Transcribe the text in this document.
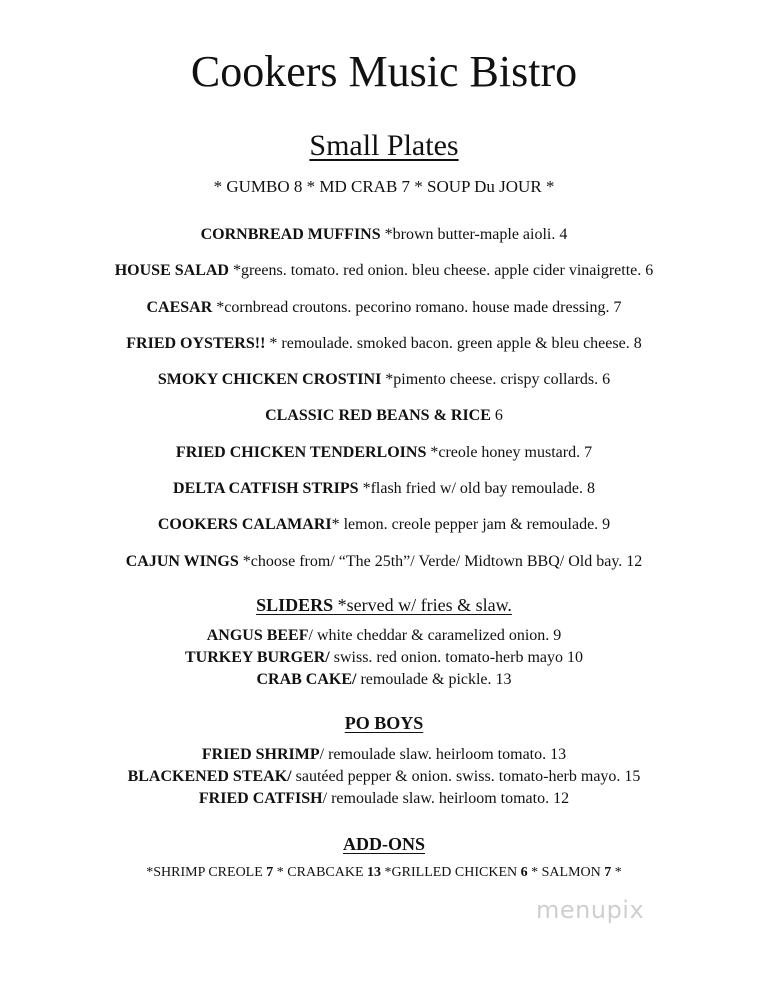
Cookers Music Bistro
Small Plates
* GUMBO 8 * MD CRAB 7 * SOUP Du JOUR *
CORNBREAD MUFFINS *brown butter-maple aioli. 4
HOUSE SALAD *greens. tomato. red onion. bleu cheese. apple cider vinaigrette. 6
CAESAR *cornbread croutons. pecorino romano. house made dressing. 7
FRIED OYSTERS!! * remoulade. smoked bacon. green apple & bleu cheese. 8
SMOKY CHICKEN CROSTINI *pimento cheese. crispy collards. 6
CLASSIC RED BEANS & RICE 6
FRIED CHICKEN TENDERLOINS *creole honey mustard. 7
DELTA CATFISH STRIPS *flash fried w/ old bay remoulade. 8
COOKERS CALAMARI* lemon. creole pepper jam & remoulade. 9
CAJUN WINGS *choose from/ “The 25th”/ Verde/ Midtown BBQ/ Old bay. 12
SLIDERS *served w/ fries & slaw.
ANGUS BEEF/ white cheddar & caramelized onion. 9
TURKEY BURGER/ swiss. red onion. tomato-herb mayo 10
CRAB CAKE/ remoulade & pickle. 13
PO BOYS
FRIED SHRIMP/ remoulade slaw. heirloom tomato. 13
BLACKENED STEAK/ sautéed pepper & onion. swiss. tomato-herb mayo. 15
FRIED CATFISH/ remoulade slaw. heirloom tomato. 12
ADD-ONS
*SHRIMP CREOLE 7 * CRABCAKE 13 *GRILLED CHICKEN 6 * SALMON 7 *
menupix
